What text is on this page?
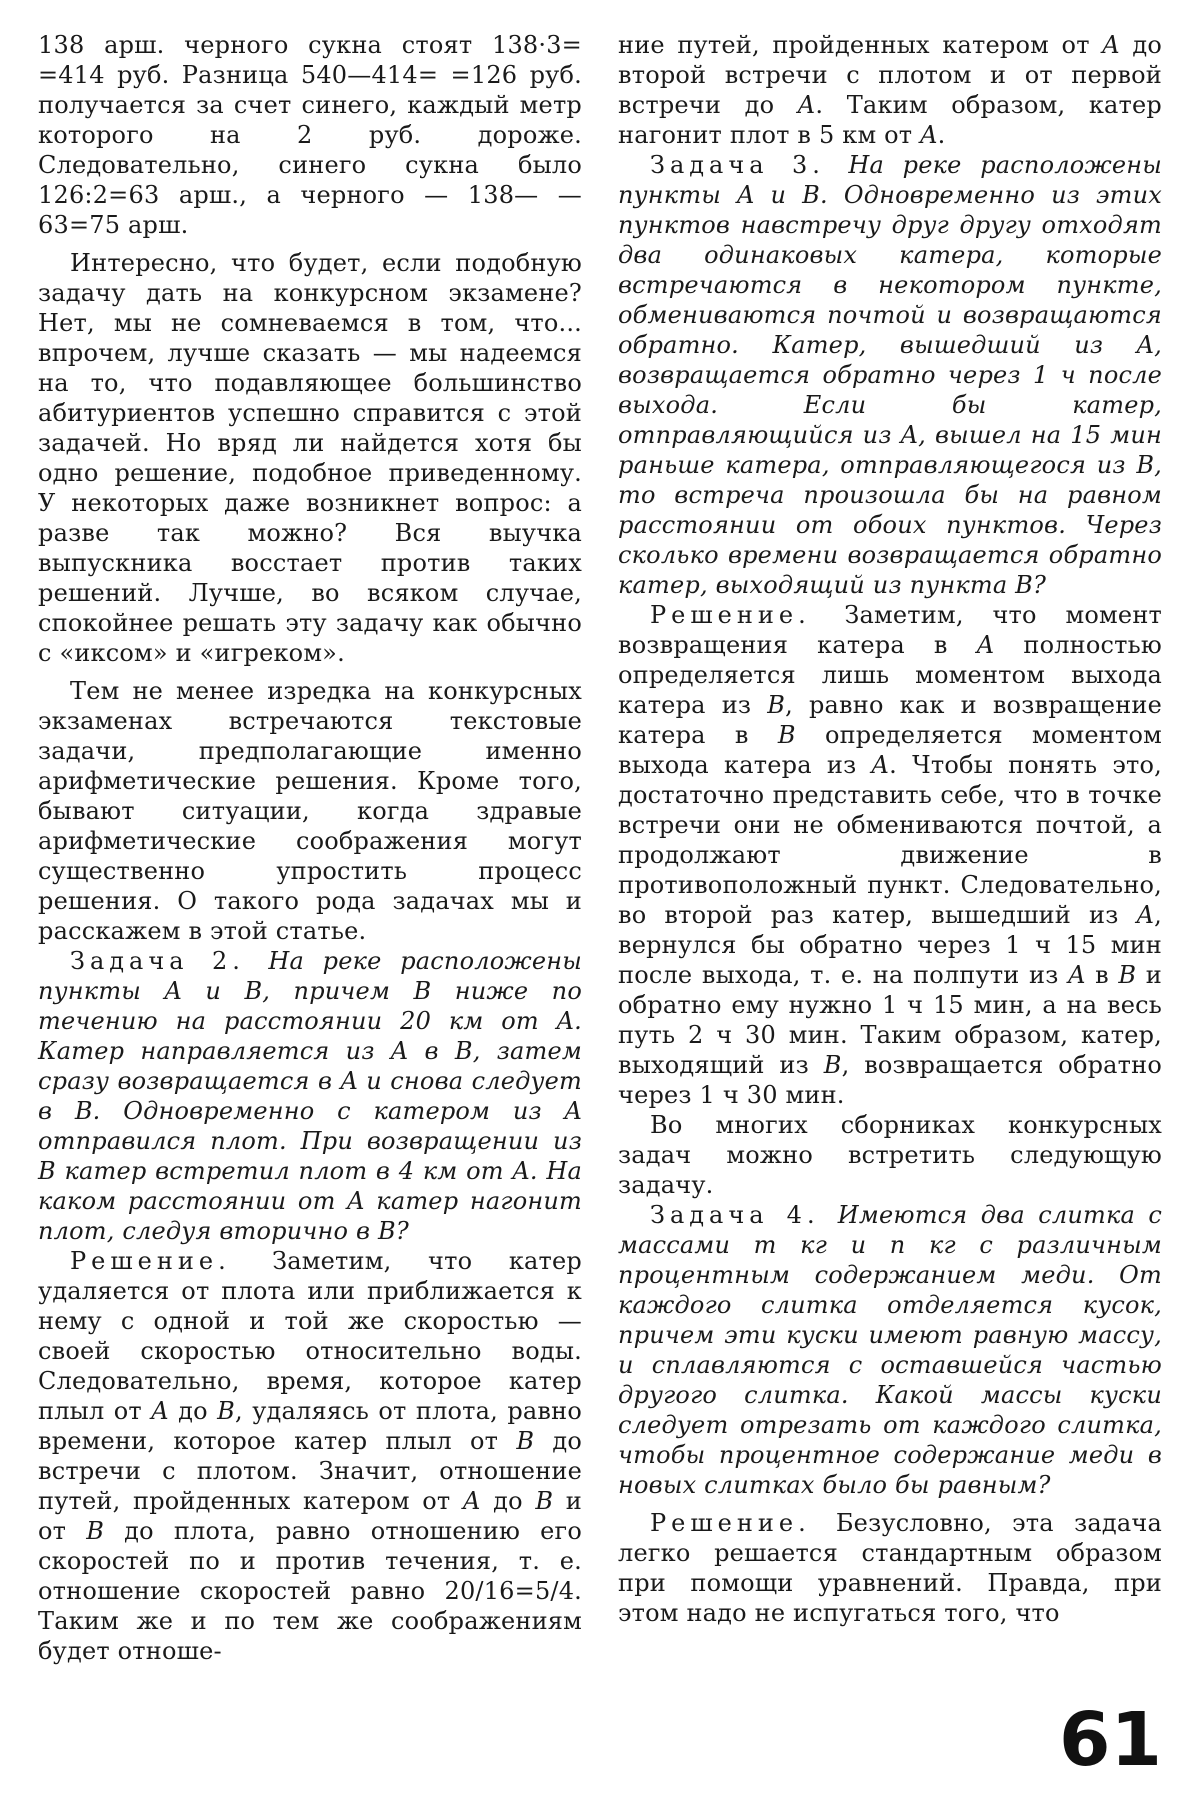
138 арш. черного сукна стоят 138·3= =414 руб. Разница 540—414= =126 руб. получается за счет синего, каждый метр которого на 2 руб. дороже. Следовательно, синего сукна было 126:2=63 арш., а черного — 138— —63=75 арш.

Интересно, что будет, если подобную задачу дать на конкурсном экзамене? Нет, мы не сомневаемся в том, что... впрочем, лучше сказать — мы надеемся на то, что подавляющее большинство абитуриентов успешно справится с этой задачей. Но вряд ли найдется хотя бы одно решение, подобное приведенному. У некоторых даже возникнет вопрос: а разве так можно? Вся выучка выпускника восстает против таких решений. Лучше, во всяком случае, спокойнее решать эту задачу как обычно с «иксом» и «игреком».

Тем не менее изредка на конкурсных экзаменах встречаются текстовые задачи, предполагающие именно арифметические решения. Кроме того, бывают ситуации, когда здравые арифметические соображения могут существенно упростить процесс решения. О такого рода задачах мы и расскажем в этой статье.

Задача 2. На реке расположены пункты A и B, причем B ниже по течению на расстоянии 20 км от A. Катер направляется из A в B, затем сразу возвращается в A и снова следует в B. Одновременно с катером из A отправился плот. При возвращении из B катер встретил плот в 4 км от A. На каком расстоянии от A катер нагонит плот, следуя вторично в B?

Решение. Заметим, что катер удаляется от плота или приближается к нему с одной и той же скоростью — своей скоростью относительно воды. Следовательно, время, которое катер плыл от A до B, удаляясь от плота, равно времени, которое катер плыл от B до встречи с плотом. Значит, отношение путей, пройденных катером от A до B и от B до плота, равно отношению его скоростей по и против течения, т. е. отношение скоростей равно 20/16=5/4. Таким же и по тем же соображениям будет отноше-

ние путей, пройденных катером от A до второй встречи с плотом и от первой встречи до A. Таким образом, катер нагонит плот в 5 км от A.

Задача 3. На реке расположены пункты A и B. Одновременно из этих пунктов навстречу друг другу отходят два одинаковых катера, которые встречаются в некотором пункте, обмениваются почтой и возвращаются обратно. Катер, вышедший из A, возвращается обратно через 1 ч после выхода. Если бы катер, отправляющийся из A, вышел на 15 мин раньше катера, отправляющегося из B, то встреча произошла бы на равном расстоянии от обоих пунктов. Через сколько времени возвращается обратно катер, выходящий из пункта B?

Решение. Заметим, что момент возвращения катера в A полностью определяется лишь моментом выхода катера из B, равно как и возвращение катера в B определяется моментом выхода катера из A. Чтобы понять это, достаточно представить себе, что в точке встречи они не обмениваются почтой, а продолжают движение в противоположный пункт. Следовательно, во второй раз катер, вышедший из A, вернулся бы обратно через 1 ч 15 мин после выхода, т. е. на полпути из A в B и обратно ему нужно 1 ч 15 мин, а на весь путь 2 ч 30 мин. Таким образом, катер, выходящий из B, возвращается обратно через 1 ч 30 мин.

Во многих сборниках конкурсных задач можно встретить следующую задачу.

Задача 4. Имеются два слитка с массами m кг и n кг с различным процентным содержанием меди. От каждого слитка отделяется кусок, причем эти куски имеют равную массу, и сплавляются с оставшейся частью другого слитка. Какой массы куски следует отрезать от каждого слитка, чтобы процентное содержание меди в новых слитках было бы равным?

Решение. Безусловно, эта задача легко решается стандартным образом при помощи уравнений. Правда, при этом надо не испугаться того, что

61
